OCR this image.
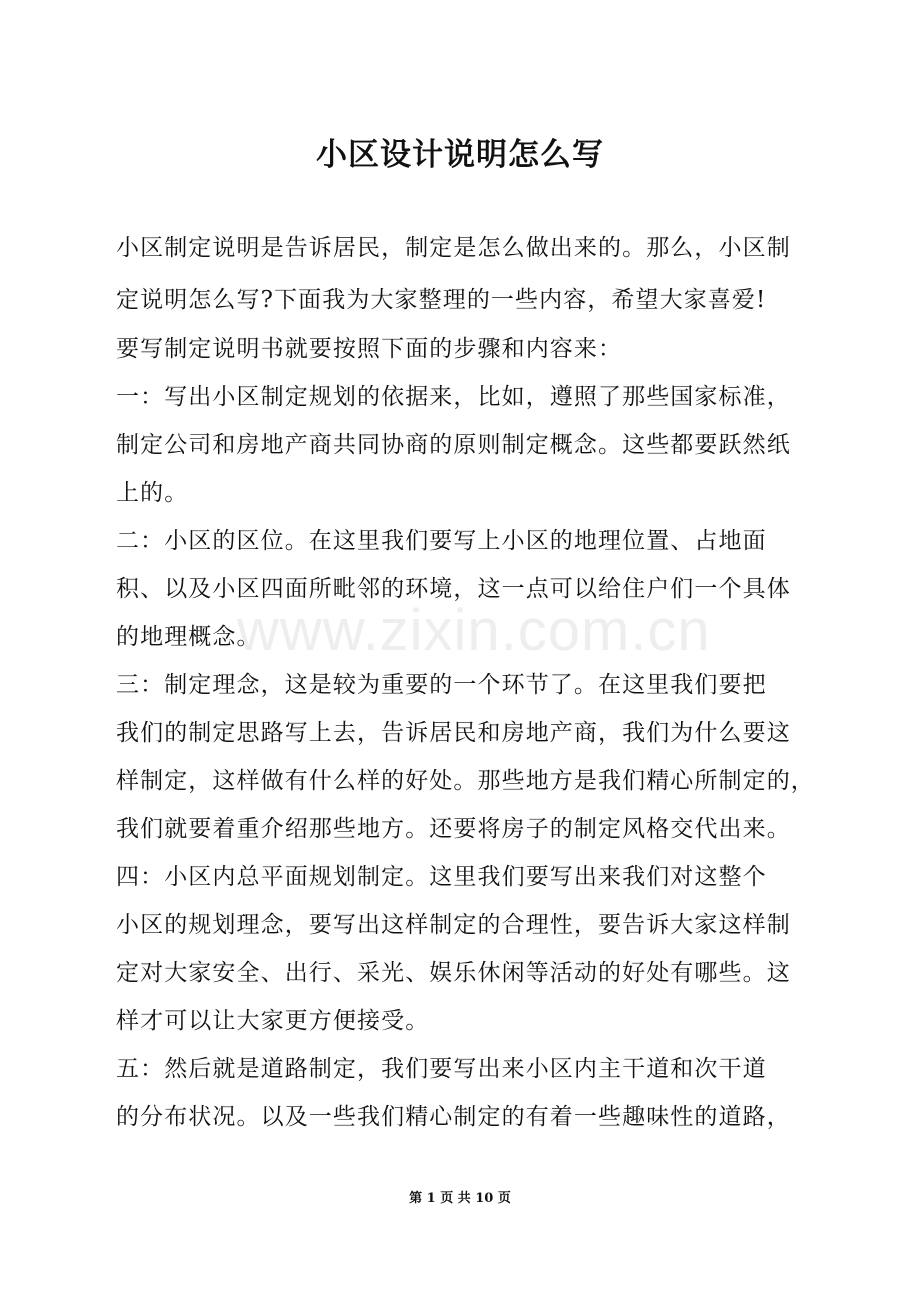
小区设计说明怎么写
www.zixin.com.cn
小区制定说明是告诉居民，制定是怎么做出来的。那么，小区制
定说明怎么写?下面我为大家整理的一些内容，希望大家喜爱!
要写制定说明书就要按照下面的步骤和内容来：
一：写出小区制定规划的依据来，比如，遵照了那些国家标准，
制定公司和房地产商共同协商的原则制定概念。这些都要跃然纸
上的。
二：小区的区位。在这里我们要写上小区的地理位置、占地面
积、以及小区四面所毗邻的环境，这一点可以给住户们一个具体
的地理概念。
三：制定理念，这是较为重要的一个环节了。在这里我们要把
我们的制定思路写上去，告诉居民和房地产商，我们为什么要这
样制定，这样做有什么样的好处。那些地方是我们精心所制定的，
我们就要着重介绍那些地方。还要将房子的制定风格交代出来。
四：小区内总平面规划制定。这里我们要写出来我们对这整个
小区的规划理念，要写出这样制定的合理性，要告诉大家这样制
定对大家安全、出行、采光、娱乐休闲等活动的好处有哪些。这
样才可以让大家更方便接受。
五：然后就是道路制定，我们要写出来小区内主干道和次干道
的分布状况。以及一些我们精心制定的有着一些趣味性的道路，
第 1 页 共 10 页
